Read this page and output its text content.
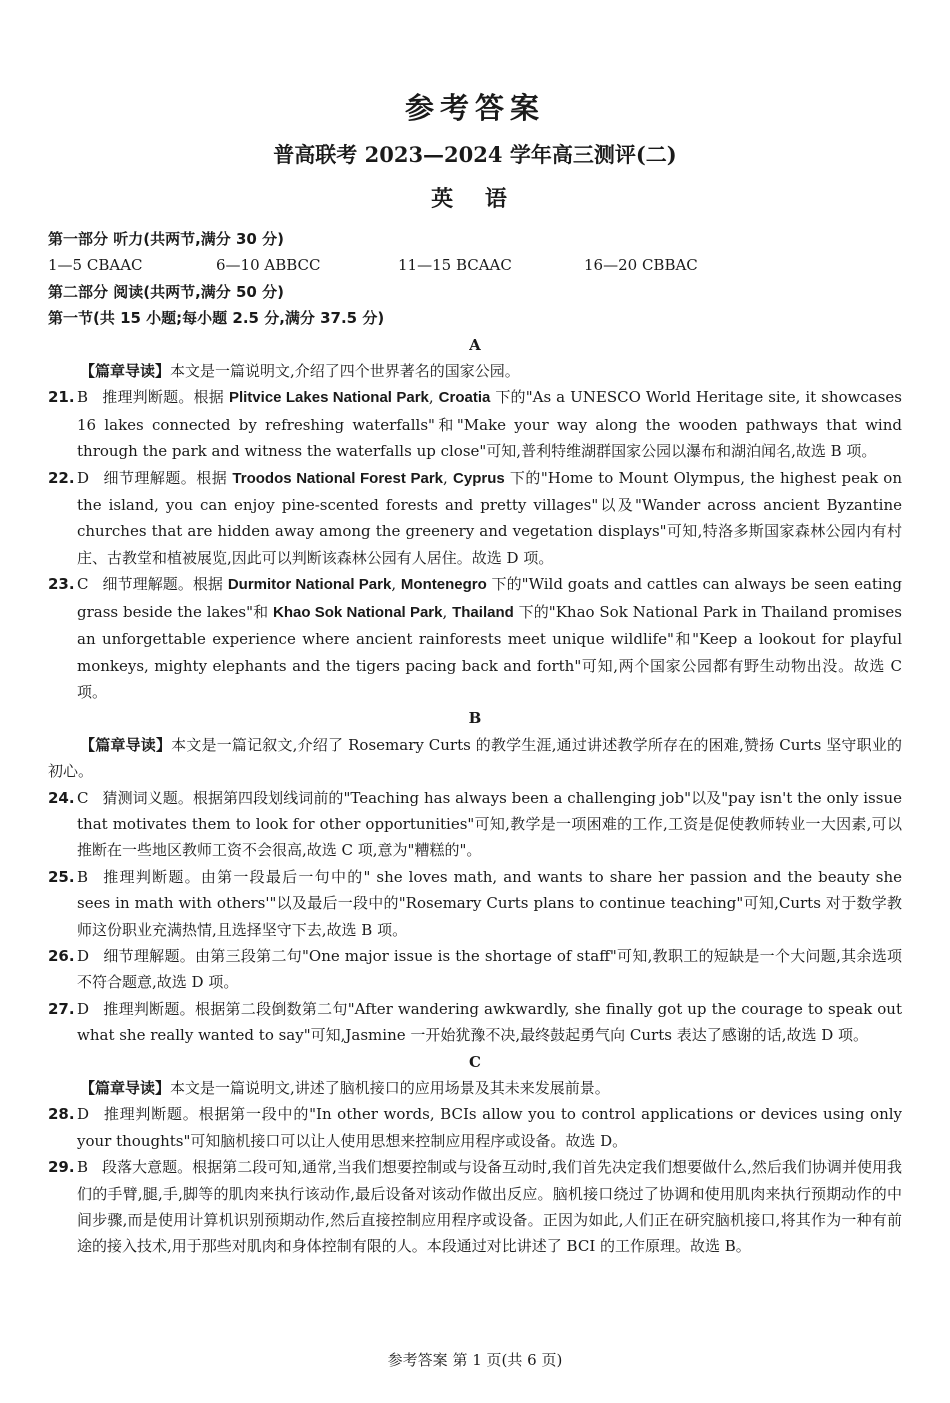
参考答案
普高联考 2023—2024 学年高三测评(二)
英 语
第一部分 听力(共两节,满分 30 分)
1—5 CBAAC	6—10 ABBCC	11—15 BCAAC	16—20 CBBAC
第二部分 阅读(共两节,满分 50 分)
第一节(共 15 小题;每小题 2.5 分,满分 37.5 分)
A
【篇章导读】本文是一篇说明文,介绍了四个世界著名的国家公园。
21. B 推理判断题。根据 Plitvice Lakes National Park, Croatia 下的"As a UNESCO World Heritage site, it showcases 16 lakes connected by refreshing waterfalls"和"Make your way along the wooden pathways that wind through the park and witness the waterfalls up close"可知,普利特维湖群国家公园以瀑布和湖泊闻名,故选 B 项。
22. D 细节理解题。根据 Troodos National Forest Park, Cyprus 下的"Home to Mount Olympus, the highest peak on the island, you can enjoy pine-scented forests and pretty villages"以及"Wander across ancient Byzantine churches that are hidden away among the greenery and vegetation displays"可知,特洛多斯国家森林公园内有村庄、古教堂和植被展览,因此可以判断该森林公园有人居住。故选 D 项。
23. C 细节理解题。根据 Durmitor National Park, Montenegro 下的"Wild goats and cattles can always be seen eating grass beside the lakes"和 Khao Sok National Park, Thailand 下的"Khao Sok National Park in Thailand promises an unforgettable experience where ancient rainforests meet unique wildlife"和"Keep a lookout for playful monkeys, mighty elephants and the tigers pacing back and forth"可知,两个国家公园都有野生动物出没。故选 C 项。
B
【篇章导读】本文是一篇记叙文,介绍了 Rosemary Curts 的教学生涯,通过讲述教学所存在的困难,赞扬 Curts 坚守职业的初心。
24. C 猜测词义题。根据第四段划线词前的"Teaching has always been a challenging job"以及"pay isn't the only issue that motivates them to look for other opportunities"可知,教学是一项困难的工作,工资是促使教师转业一大因素,可以推断在一些地区教师工资不会很高,故选 C 项,意为"糟糕的"。
25. B 推理判断题。由第一段最后一句中的" she loves math, and wants to share her passion and the beauty she sees in math with others'"以及最后一段中的"Rosemary Curts plans to continue teaching"可知,Curts 对于数学教师这份职业充满热情,且选择坚守下去,故选 B 项。
26. D 细节理解题。由第三段第二句"One major issue is the shortage of staff"可知,教职工的短缺是一个大问题,其余选项不符合题意,故选 D 项。
27. D 推理判断题。根据第二段倒数第二句"After wandering awkwardly, she finally got up the courage to speak out what she really wanted to say"可知,Jasmine 一开始犹豫不决,最终鼓起勇气向 Curts 表达了感谢的话,故选 D 项。
C
【篇章导读】本文是一篇说明文,讲述了脑机接口的应用场景及其未来发展前景。
28. D 推理判断题。根据第一段中的"In other words, BCIs allow you to control applications or devices using only your thoughts"可知脑机接口可以让人使用思想来控制应用程序或设备。故选 D。
29. B 段落大意题。根据第二段可知,通常,当我们想要控制或与设备互动时,我们首先决定我们想要做什么,然后我们协调并使用我们的手臂,腿,手,脚等的肌肉来执行该动作,最后设备对该动作做出反应。脑机接口绕过了协调和使用肌肉来执行预期动作的中间步骤,而是使用计算机识别预期动作,然后直接控制应用程序或设备。正因为如此,人们正在研究脑机接口,将其作为一种有前途的接入技术,用于那些对肌肉和身体控制有限的人。本段通过对比讲述了 BCI 的工作原理。故选 B。
参考答案 第 1 页(共 6 页)
